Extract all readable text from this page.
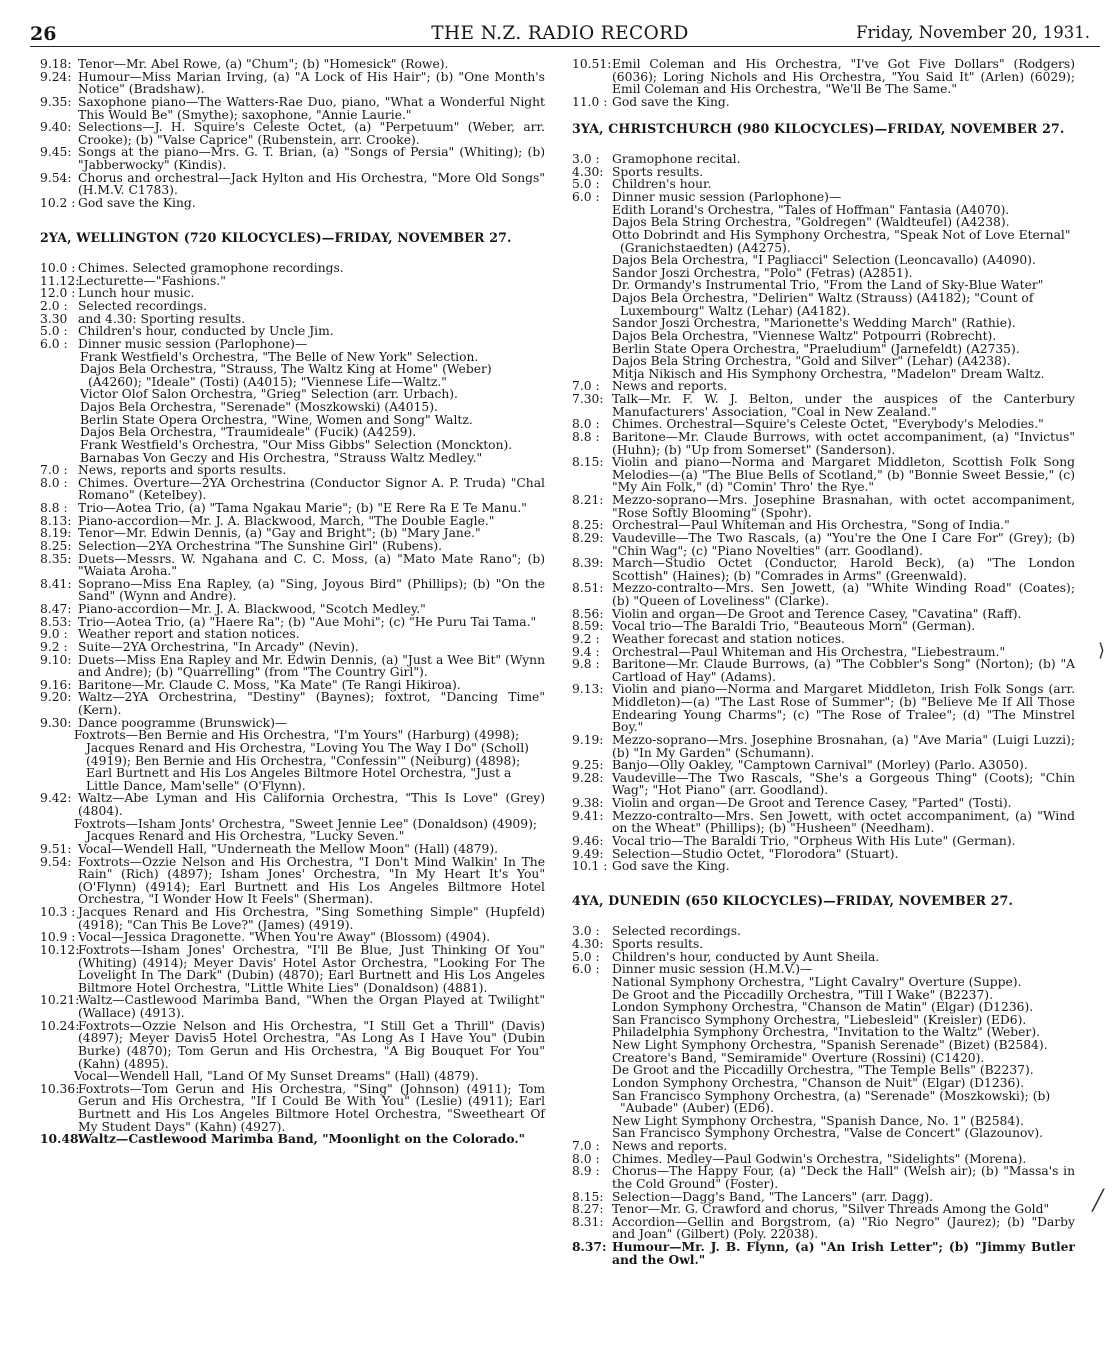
26	THE N.Z. RADIO RECORD	Friday, November 20, 1931.
9.18: Tenor—Mr. Abel Rowe, (a) "Chum"; (b) "Homesick" (Rowe).
9.24: Humour—Miss Marian Irving, (a) "A Lock of His Hair"; (b) "One Month's Notice" (Bradshaw).
9.35: Saxophone piano—The Watters-Rae Duo, piano, "What a Wonderful Night This Would Be" (Smythe); saxophone, "Annie Laurie."
9.40: Selections—J. H. Squire's Celeste Octet, (a) "Perpetuum" (Weber, arr. Crooke); (b) "Valse Caprice" (Rubenstein, arr. Crooke).
9.45: Songs at the piano—Mrs. G. T. Brian, (a) "Songs of Persia" (Whiting); (b) "Jabberwocky" (Kindis).
9.54: Chorus and orchestral—Jack Hylton and His Orchestra, "More Old Songs" (H.M.V. C1783).
10.2 : God save the King.
2YA, WELLINGTON (720 KILOCYCLES)—FRIDAY, NOVEMBER 27.
10.0 : Chimes. Selected gramophone recordings.
11.12:
Lecturette—"Fashions."
12.0 : Lunch hour music.
2.0 : Selected recordings.
3.30 and 4.30: Sporting results.
5.0 : Children's hour, conducted by Uncle Jim.
6.0 : Dinner music session (Parlophone)—
Frank Westfield's Orchestra, "The Belle of New York" Selection.
Dajos Bela Orchestra, "Strauss, The Waltz King at Home" (Weber) (A4260); "Ideale" (Tosti) (A4015); "Viennese Life—Waltz."
Victor Olof Salon Orchestra, "Grieg" Selection (arr. Urbach).
Dajos Bela Orchestra, "Serenade" (Moszkowski) (A4015).
Berlin State Opera Orchestra, "Wine, Women and Song" Waltz.
Dajos Bela Orchestra, "Traumideale" (Fucik) (A4259).
Frank Westfield's Orchestra, "Our Miss Gibbs" Selection (Monckton).
Barnabas Von Geczy and His Orchestra, "Strauss Waltz Medley."
7.0 : News, reports and sports results.
8.0 : Chimes. Overture—2YA Orchestrina (Conductor Signor A. P. Truda) "Chal Romano" (Ketelbey).
8.8 : Trio—Aotea Trio, (a) "Tama Ngakau Marie"; (b) "E Rere Ra E Te Manu."
8.13: Piano-accordion—Mr. J. A. Blackwood, March, "The Double Eagle."
8.19: Tenor—Mr. Edwin Dennis, (a) "Gay and Bright"; (b) "Mary Jane."
8.25: Selection—2YA Orchestrina "The Sunshine Girl" (Rubens).
8.35: Duets—Messrs. W. Ngahana and C. C. Moss, (a) "Mato Mate Rano"; (b) "Waiata Aroha."
8.41: Soprano—Miss Ena Rapley, (a) "Sing, Joyous Bird" (Phillips); (b) "On the Sand" (Wynn and Andre).
8.47: Piano-accordion—Mr. J. A. Blackwood, "Scotch Medley."
8.53: Trio—Aotea Trio, (a) "Haere Ra"; (b) "Aue Mohi"; (c) "He Puru Tai Tama."
9.0 : Weather report and station notices.
9.2 : Suite—2YA Orchestrina, "In Arcady" (Nevin).
9.10: Duets—Miss Ena Rapley and Mr. Edwin Dennis, (a) "Just a Wee Bit" (Wynn and Andre); (b) "Quarrelling" (from "The Country Girl").
9.16: Baritone—Mr. Claude C. Moss, "Ka Mate" (Te Rangi Hikiroa).
9.20: Waltz—2YA Orchestrina, "Destiny" (Baynes); foxtrot, "Dancing Time" (Kern).
9.30: Dance poogramme (Brunswick)—
Foxtrots—Ben Bernie and His Orchestra, "I'm Yours" (Harburg) (4998); Jacques Renard and His Orchestra, "Loving You The Way I Do" (Scholl) (4919); Ben Bernie and His Orchestra, "Confessin'" (Neiburg) (4898); Earl Burtnett and His Los Angeles Biltmore Hotel Orchestra, "Just a Little Dance, Mam'selle" (O'Flynn).
9.42: Waltz—Abe Lyman and His California Orchestra, "This Is Love" (Grey) (4804).
Foxtrots—Isham Jonts' Orchestra, "Sweet Jennie Lee" (Donaldson) (4909); Jacques Renard and His Orchestra, "Lucky Seven."
9.51: Vocal—Wendell Hall, "Underneath the Mellow Moon" (Hall) (4879).
9.54: Foxtrots—Ozzie Nelson and His Orchestra, "I Don't Mind Walkin' In The Rain" (Rich) (4897); Isham Jones' Orchestra, "In My Heart It's You" (O'Flynn) (4914); Earl Burtnett and His Los Angeles Biltmore Hotel Orchestra, "I Wonder How It Feels" (Sherman).
10.3 : Jacques Renard and His Orchestra, "Sing Something Simple" (Hupfeld) (4918); "Can This Be Love?" (James) (4919).
10.9 : Vocal—Jessica Dragonette. "When You're Away" (Blossom) (4904).
10.12:
Foxtrots—Isham Jones' Orchestra, "I'll Be Blue, Just Thinking Of You" (Whiting) (4914); Meyer Davis' Hotel Astor Orchestra, "Looking For The Lovelight In The Dark" (Dubin) (4870); Earl Burtnett and His Los Angeles Biltmore Hotel Orchestra, "Little White Lies" (Donaldson) (4881).
10.21:
Waltz—Castlewood Marimba Band, "When the Organ Played at Twilight" (Wallace) (4913).
10.24:
Foxtrots—Ozzie Nelson and His Orchestra, "I Still Get a Thrill" (Davis) (4897); Meyer Davis5 Hotel Orchestra, "As Long As I Have You" (Dubin Burke) (4870); Tom Gerun and His Orchestra, "A Big Bouquet For You" (Kahn) (4895).
Vocal—Wendell Hall, "Land Of My Sunset Dreams" (Hall) (4879).
10.36:
Foxtrots—Tom Gerun and His Orchestra, "Sing" (Johnson) (4911); Tom Gerun and His Orchestra, "If I Could Be With You" (Leslie) (4911); Earl Burtnett and His Los Angeles Biltmore Hotel Orchestra, "Sweetheart Of My Student Days" (Kahn) (4927).
10.48:
Waltz—Castlewood Marimba Band, "Moonlight on the Colorado."
10.51: Emil Coleman and His Orchestra, "I've Got Five Dollars" (Rodgers) (6036); Loring Nichols and His Orchestra, "You Said It" (Arlen) (6029); Emil Coleman and His Orchestra, "We'll Be The Same."
11.0 : God save the King.
3YA, CHRISTCHURCH (980 KILOCYCLES)—FRIDAY, NOVEMBER 27.
3.0 :	Gramophone recital.
4.30: Sports results.
5.0 :	Children's hour.
6.0 :	Dinner music session (Parlophone)—
Edith Lorand's Orchestra, "Tales of Hoffman" Fantasia (A4070).
Dajos Bela String Orchestra, "Goldregen" (Waldteufel) (A4238).
Otto Dobrindt and His Symphony Orchestra, "Speak Not of Love Eternal" (Granichstaedten) (A4275).
Dajos Bela Orchestra, "I Pagliacci" Selection (Leoncavallo) (A4090).
Sandor Joszi Orchestra, "Polo" (Fetras) (A2851).
Dr. Ormandy's Instrumental Trio, "From the Land of Sky-Blue Water"
Dajos Bela Orchestra, "Delirien" Waltz (Strauss) (A4182); "Count of Luxembourg" Waltz (Lehar) (A4182).
Sandor Joszi Orchestra, "Marionette's Wedding March" (Rathie).
Dajos Bela Orchestra, "Viennese Waltz" Potpourri (Robrecht).
Berlin State Opera Orchestra, "Praeludium" (Jarnefeldt) (A2735).
Dajos Bela String Orchestra, "Gold and Silver" (Lehar) (A4238).
Mitja Nikisch and His Symphony Orchestra, "Madelon" Dream Waltz.
7.0 :	News and reports.
7.30: Talk—Mr. F. W. J. Belton, under the auspices of the Canterbury Manufacturers' Association, "Coal in New Zealand."
8.0 :	Chimes. Orchestral—Squire's Celeste Octet, "Everybody's Melodies."
8.8 :	Baritone—Mr. Claude Burrows, with octet accompaniment, (a) "Invictus" (Huhn); (b) "Up from Somerset" (Sanderson).
8.15: Violin and piano—Norma and Margaret Middleton, Scottish Folk Song Melodies—(a) "The Blue Bells of Scotland," (b) "Bonnie Sweet Bessie," (c) "My Ain Folk," (d) "Comin' Thro' the Rye."
8.21: Mezzo-soprano—Mrs. Josephine Brasnahan, with octet accompaniment, "Rose Softly Blooming" (Spohr).
8.25: Orchestral—Paul Whiteman and His Orchestra, "Song of India."
8.29: Vaudeville—The Two Rascals, (a) "You're the One I Care For" (Grey); (b) "Chin Wag"; (c) "Piano Novelties" (arr. Goodland).
8.39: March—Studio Octet (Conductor, Harold Beck), (a) "The London Scottish" (Haines); (b) "Comrades in Arms" (Greenwald).
8.51: Mezzo-contralto—Mrs. Sen Jowett, (a) "White Winding Road" (Coates); (b) "Queen of Loveliness" (Clarke).
8.56: Violin and organ—De Groot and Terence Casey, "Cavatina" (Raff).
8.59: Vocal trio—The Baraldi Trio, "Beauteous Morn" (German).
9.2 :	Weather forecast and station notices.
9.4 :	Orchestral—Paul Whiteman and His Orchestra, "Liebestraum."
9.8 :	Baritone—Mr. Claude Burrows, (a) "The Cobbler's Song" (Norton); (b) "A Cartload of Hay" (Adams).
9.13: Violin and piano—Norma and Margaret Middleton, Irish Folk Songs (arr. Middleton)—(a) "The Last Rose of Summer"; (b) "Believe Me If All Those Endearing Young Charms"; (c) "The Rose of Tralee"; (d) "The Minstrel Boy."
9.19: Mezzo-soprano—Mrs. Josephine Brosnahan, (a) "Ave Maria" (Luigi Luzzi); (b) "In My Garden" (Schumann).
9.25: Banjo—Olly Oakley, "Camptown Carnival" (Morley) (Parlo. A3050).
9.28: Vaudeville—The Two Rascals, "She's a Gorgeous Thing" (Coots); "Chin Wag"; "Hot Piano" (arr. Goodland).
9.38: Violin and organ—De Groot and Terence Casey, "Parted" (Tosti).
9.41: Mezzo-contralto—Mrs. Sen Jowett, with octet accompaniment, (a) "Wind on the Wheat" (Phillips); (b) "Husheen" (Needham).
9.46: Vocal trio—The Baraldi Trio, "Orpheus With His Lute" (German).
9.49: Selection—Studio Octet, "Florodora" (Stuart).
10.1 : God save the King.
4YA, DUNEDIN (650 KILOCYCLES)—FRIDAY, NOVEMBER 27.
3.0 :	Selected recordings.
4.30: Sports results.
5.0 :	Children's hour, conducted by Aunt Sheila.
6.0 :	Dinner music session (H.M.V.)—
National Symphony Orchestra, "Light Cavalry" Overture (Suppe).
De Groot and the Piccadilly Orchestra, "Till I Wake" (B2237).
London Symphony Orchestra, "Chanson de Matin" (Elgar) (D1236).
San Francisco Symphony Orchestra, "Liebesleid" (Kreisler) (ED6).
Philadelphia Symphony Orchestra, "Invitation to the Waltz" (Weber).
New Light Symphony Orchestra, "Spanish Serenade" (Bizet) (B2584).
Creatore's Band, "Semiramide" Overture (Rossini) (C1420).
De Groot and the Piccadilly Orchestra, "The Temple Bells" (B2237).
London Symphony Orchestra, "Chanson de Nuit" (Elgar) (D1236).
San Francisco Symphony Orchestra, (a) "Serenade" (Moszkowski); (b) "Aubade" (Auber) (ED6).
New Light Symphony Orchestra, "Spanish Dance, No. 1" (B2584).
San Francisco Symphony Orchestra, "Valse de Concert" (Glazounov).
7.0 :	News and reports.
8.0 :	Chimes. Medley—Paul Godwin's Orchestra, "Sidelights" (Morena).
8.9 :	Chorus—The Happy Four, (a) "Deck the Hall" (Welsh air); (b) "Massa's in the Cold Ground" (Foster).
8.15: Selection—Dagg's Band, "The Lancers" (arr. Dagg).
8.27: Tenor—Mr. G. Crawford and chorus, "Silver Threads Among the Gold"
8.31: Accordion—Gellin and Borgstrom, (a) "Rio Negro" (Jaurez); (b) "Darby and Joan" (Gilbert) (Poly. 22038).
8.37: Humour—Mr. J. B. Flynn, (a) "An Irish Letter"; (b) "Jimmy Butler and the Owl."
⟩
╱
